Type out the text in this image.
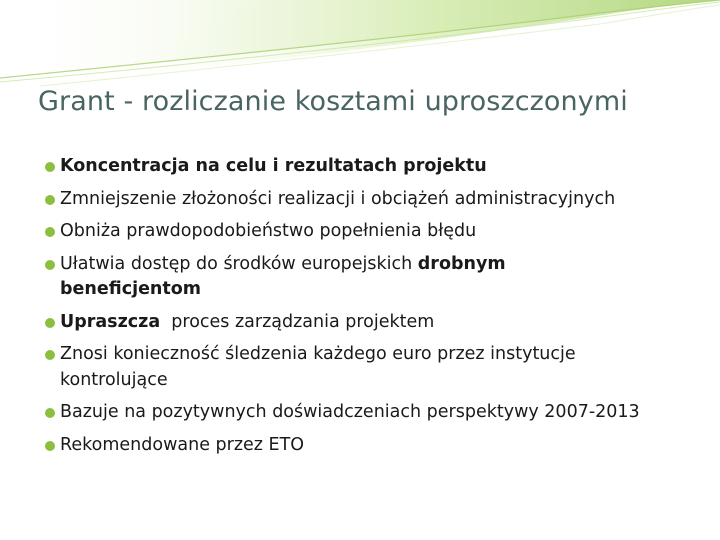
Grant - rozliczanie kosztami uproszczonymi
Koncentracja na celu i rezultatach projektu
Zmniejszenie złożoności realizacji i obciążeń administracyjnych
Obniża prawdopodobieństwo popełnienia błędu
Ułatwia dostęp do środków europejskich drobnym
beneficjentom
Upraszcza  proces zarządzania projektem
Znosi konieczność śledzenia każdego euro przez instytucje
kontrolujące
Bazuje na pozytywnych doświadczeniach perspektywy 2007-2013
Rekomendowane przez ETO
